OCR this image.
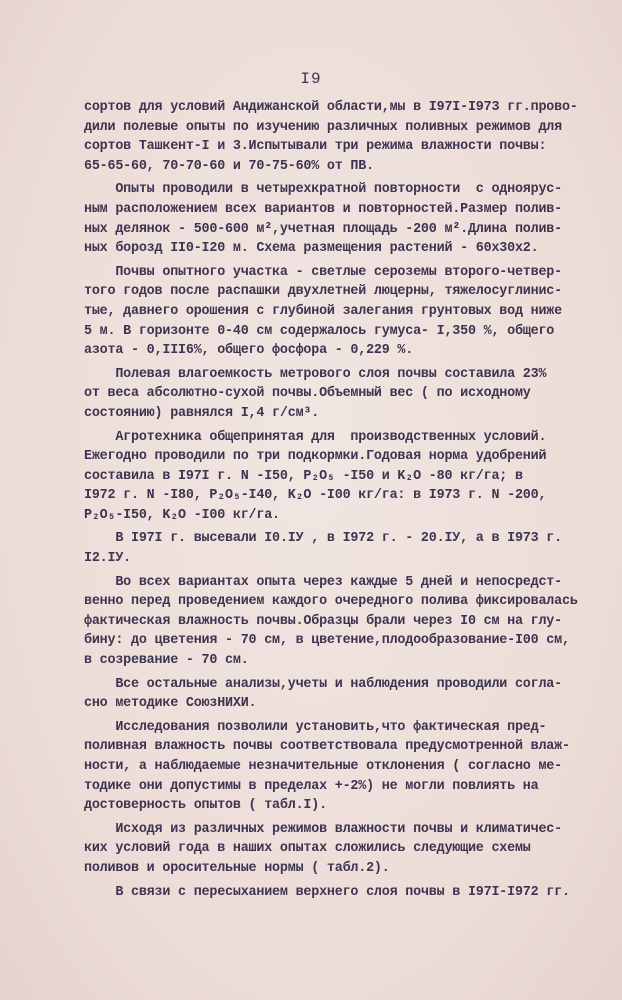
I9
сортов для условий Андижанской области,мы в I97I-I973 гг.прово-
дили полевые опыты по изучению различных поливных режимов для
сортов Ташкент-I и 3.Испытывали три режима влажности почвы:
65-65-60, 70-70-60 и 70-75-60% от ПВ.
Опыты проводили в четырехкратной повторности  с одноярус-
ным расположением всех вариантов и повторностей.Размер полив-
ных делянок - 500-600 м²,учетная площадь -200 м².Длина полив-
ных борозд II0-I20 м. Схема размещения растений - 60х30х2.
Почвы опытного участка - светлые сероземы второго-четвер-
того годов после распашки двухлетней люцерны, тяжелосуглинис-
тые, давнего орошения с глубиной залегания грунтовых вод ниже
5 м. В горизонте 0-40 см содержалось гумуса- I,350 %, общего
азота - 0,III6%, общего фосфора - 0,229 %.
Полевая влагоемкость метрового слоя почвы составила 23%
от веса абсолютно-сухой почвы.Объемный вес ( по исходному
состоянию) равнялся I,4 г/см³.
Агротехника общепринятая для  производственных условий.
Ежегодно проводили по три подкормки.Годовая норма удобрений
составила в I97I г. N -I50, P₂O₅ -I50 и K₂O -80 кг/га; в
I972 г. N -I80, P₂O₅-I40, K₂O -I00 кг/га: в I973 г. N -200,
P₂O₅-I50, K₂O -I00 кг/га.
В I97I г. высевали I0.IУ , в I972 г. - 20.IУ, а в I973 г.
I2.IУ.
Во всех вариантах опыта через каждые 5 дней и непосредст-
венно перед проведением каждого очередного полива фиксировалась
фактическая влажность почвы.Образцы брали через I0 см на глу-
бину: до цветения - 70 см, в цветение,плодообразование-I00 см,
в созревание - 70 см.
Все остальные анализы,учеты и наблюдения проводили согла-
сно методике СоюзНИХИ.
Исследования позволили установить,что фактическая пред-
поливная влажность почвы соответствовала предусмотренной влаж-
ности, а наблюдаемые незначительные отклонения ( согласно ме-
тодике они допустимы в пределах +-2%) не могли повлиять на
достоверность опытов ( табл.I).
Исходя из различных режимов влажности почвы и климатичес-
ких условий года в наших опытах сложились следующие схемы
поливов и оросительные нормы ( табл.2).
В связи с пересыханием верхнего слоя почвы в I97I-I972 гг.
